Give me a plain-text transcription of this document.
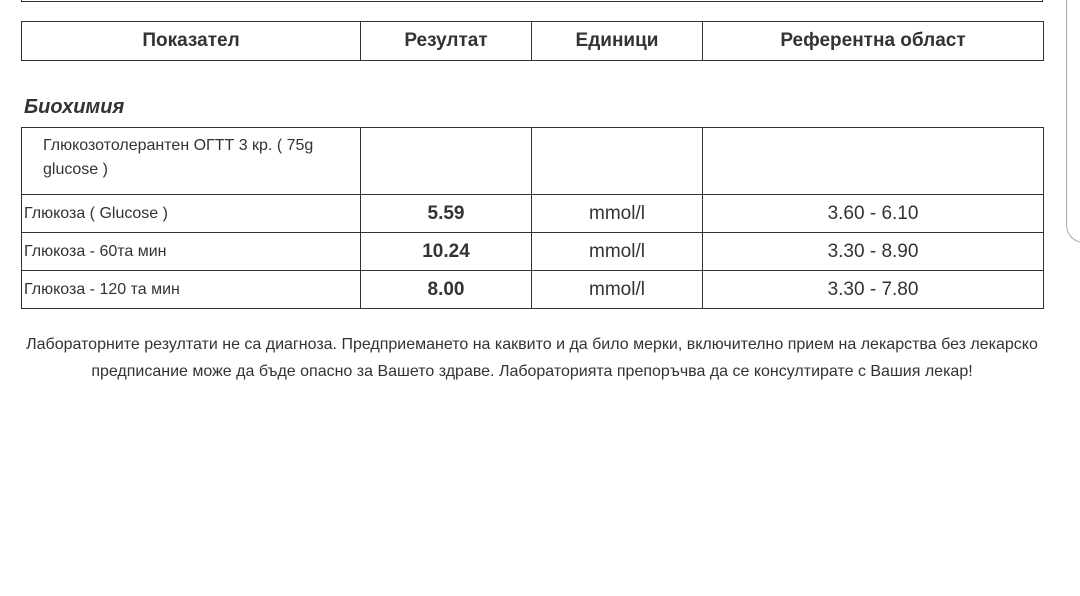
Показател	Резултат	Единици	Референтна област
Биохимия
Глюкозотолерантен ОГТТ 3 кр. ( 75g glucose )			
Глюкоза ( Glucose )	5.59	mmol/l	3.60 - 6.10
Глюкоза - 60та мин	10.24	mmol/l	3.30 - 8.90
Глюкоза - 120 та мин	8.00	mmol/l	3.30 - 7.80
Лабораторните резултати не са диагноза. Предприемането на каквито и да било мерки, включително прием на лекарства без лекарско предписание може да бъде опасно за Вашето здраве. Лабораторията препоръчва да се консултирате с Вашия лекар!
